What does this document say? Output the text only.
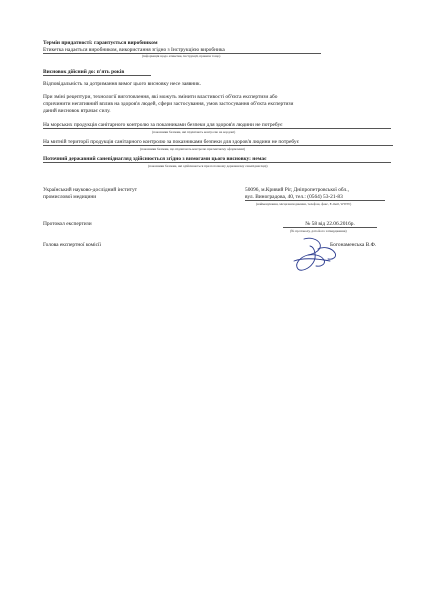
Термін придатності: гарантується виробником
Етикетка надається виробником, використання згідно з Інструкцією виробника
(інформація щодо етикетки, інструкції, правила тощо)
Висновок дійсний до: п'ять років
Відповідальність за дотримання вимог цього висновку несе заявник.
При зміні рецептури, технології виготовлення, які можуть змінити властивості об'єкта експертизи або
спричинити негативний вплив на здоров'я людей, сфери застосування, умов застосування об'єкта експертизи
даний висновок втрачає силу.
На морських продукція санітарного контролю за показниками безпеки для здоров'я людини не потребує
(показники безпеки, які підлягають контролю на кордоні)
На митній території продукція санітарного контролю за показниками безпеки для здоров'я людини не потребує
(показники безпеки, що підлягають контролю при митному оформленні)
Поточний державний санепіднагляд здійснюється згідно з вимогами цього висновку: немає
(показники безпеки, які здійснюються при поточному державному санепіднагляді)
Український науково-дослідний інститут
промислової медицини
50096, м.Кривий Ріг, Дніпропетровської обл.,
вул. Виноградова, 40, тел.: (0564) 53-21-83
(найменування, місцезнаходження, телефон, факс, E-mail, WWW)
Протокол експертизи	№ 58 від 22.06.2016р.
(№ протоколу, дата його затвердження)
Голова експертної комісії	Богонаменська В.Ф.
